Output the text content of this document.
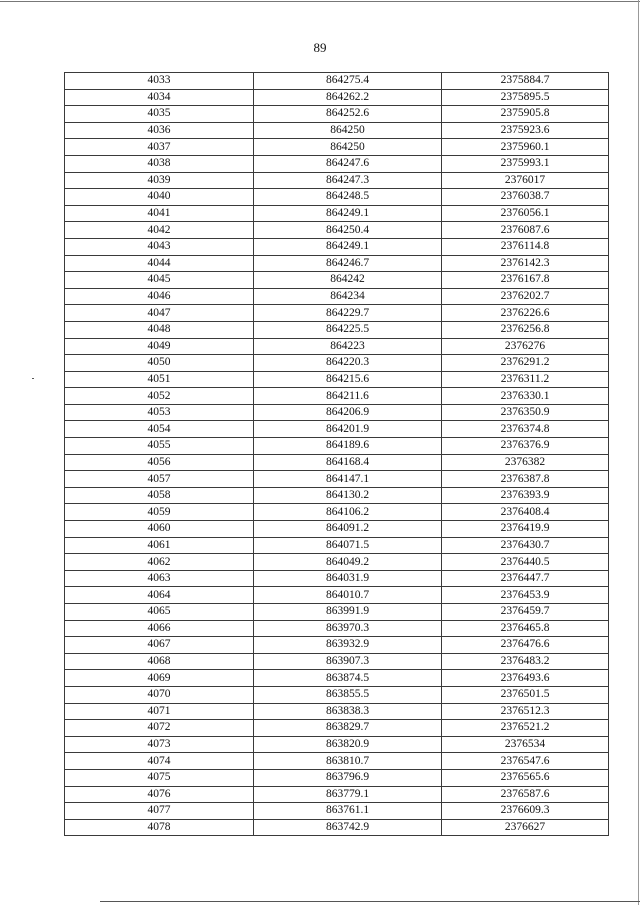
89
4033	864275.4	2375884.7
4034	864262.2	2375895.5
4035	864252.6	2375905.8
4036	864250	2375923.6
4037	864250	2375960.1
4038	864247.6	2375993.1
4039	864247.3	2376017
4040	864248.5	2376038.7
4041	864249.1	2376056.1
4042	864250.4	2376087.6
4043	864249.1	2376114.8
4044	864246.7	2376142.3
4045	864242	2376167.8
4046	864234	2376202.7
4047	864229.7	2376226.6
4048	864225.5	2376256.8
4049	864223	2376276
4050	864220.3	2376291.2
4051	864215.6	2376311.2
4052	864211.6	2376330.1
4053	864206.9	2376350.9
4054	864201.9	2376374.8
4055	864189.6	2376376.9
4056	864168.4	2376382
4057	864147.1	2376387.8
4058	864130.2	2376393.9
4059	864106.2	2376408.4
4060	864091.2	2376419.9
4061	864071.5	2376430.7
4062	864049.2	2376440.5
4063	864031.9	2376447.7
4064	864010.7	2376453.9
4065	863991.9	2376459.7
4066	863970.3	2376465.8
4067	863932.9	2376476.6
4068	863907.3	2376483.2
4069	863874.5	2376493.6
4070	863855.5	2376501.5
4071	863838.3	2376512.3
4072	863829.7	2376521.2
4073	863820.9	2376534
4074	863810.7	2376547.6
4075	863796.9	2376565.6
4076	863779.1	2376587.6
4077	863761.1	2376609.3
4078	863742.9	2376627
